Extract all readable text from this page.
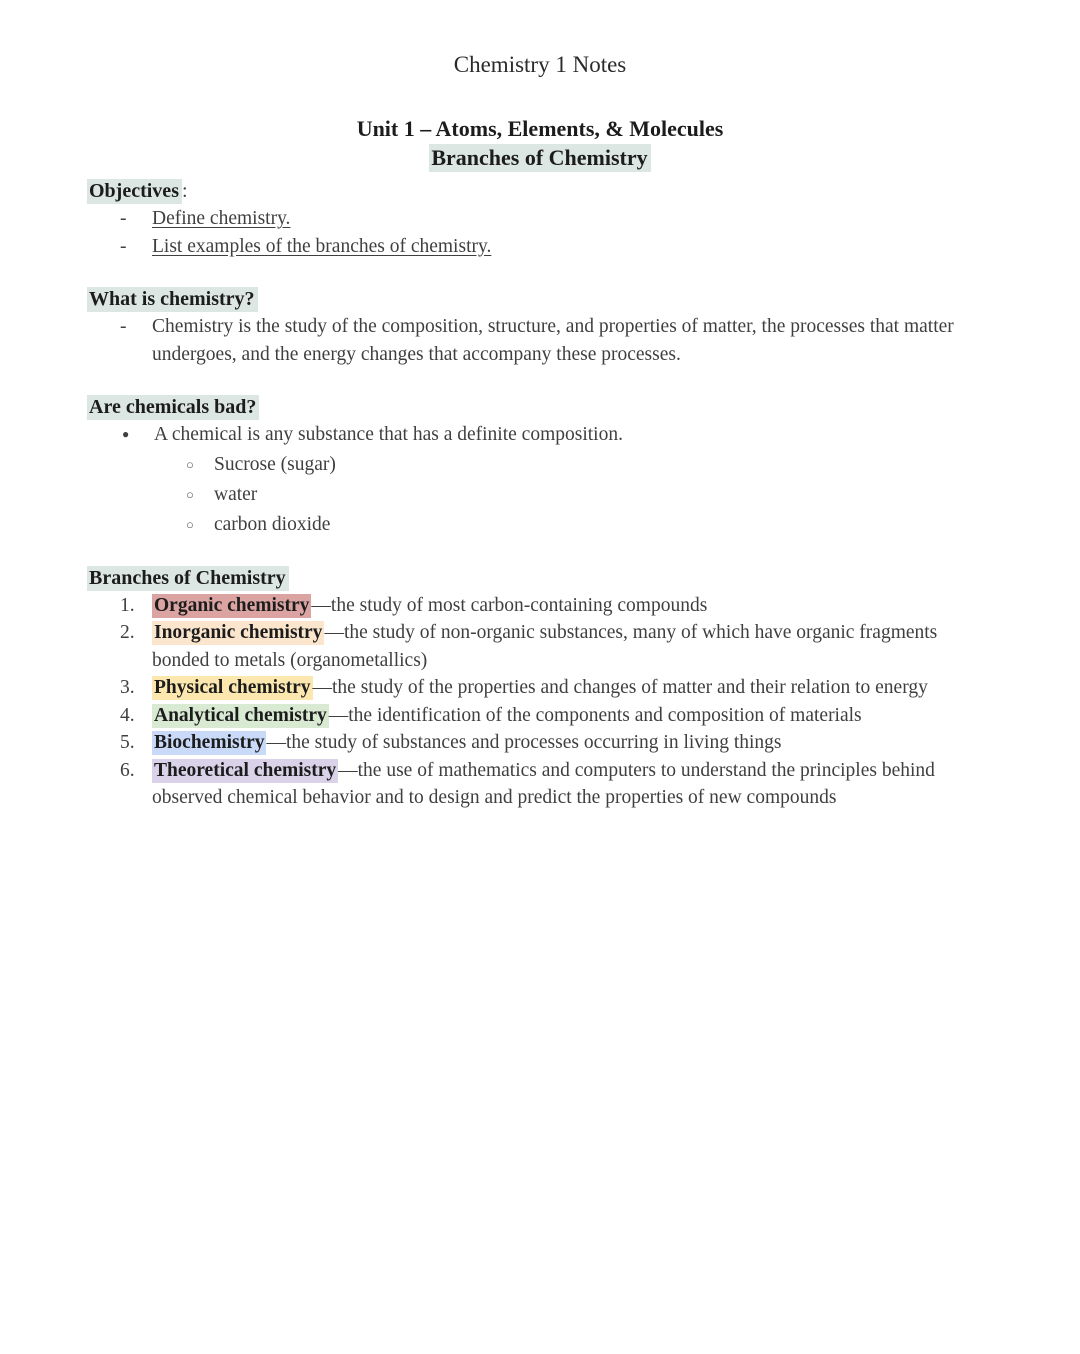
Chemistry 1 Notes
Unit 1 – Atoms, Elements, & Molecules
Branches of Chemistry
Objectives :
-	Define chemistry.
-	List examples of the branches of chemistry.
What is chemistry?
-	Chemistry is the study of the composition, structure, and properties of matter, the processes that matter undergoes, and the energy changes that accompany these processes.
Are chemicals bad?
●	A chemical is any substance that has a definite composition.
○	Sucrose (sugar)
○	water
○	carbon dioxide
Branches of Chemistry
1. Organic chemistry —the study of most carbon-containing compounds
2. Inorganic chemistry —the study of non-organic substances, many of which have organic fragments bonded to metals (organometallics)
3. Physical chemistry —the study of the properties and changes of matter and their relation to energy
4. Analytical chemistry —the identification of the components and composition of materials
5. Biochemistry —the study of substances and processes occurring in living things
6. Theoretical chemistry —the use of mathematics and computers to understand the principles behind observed chemical behavior and to design and predict the properties of new compounds
